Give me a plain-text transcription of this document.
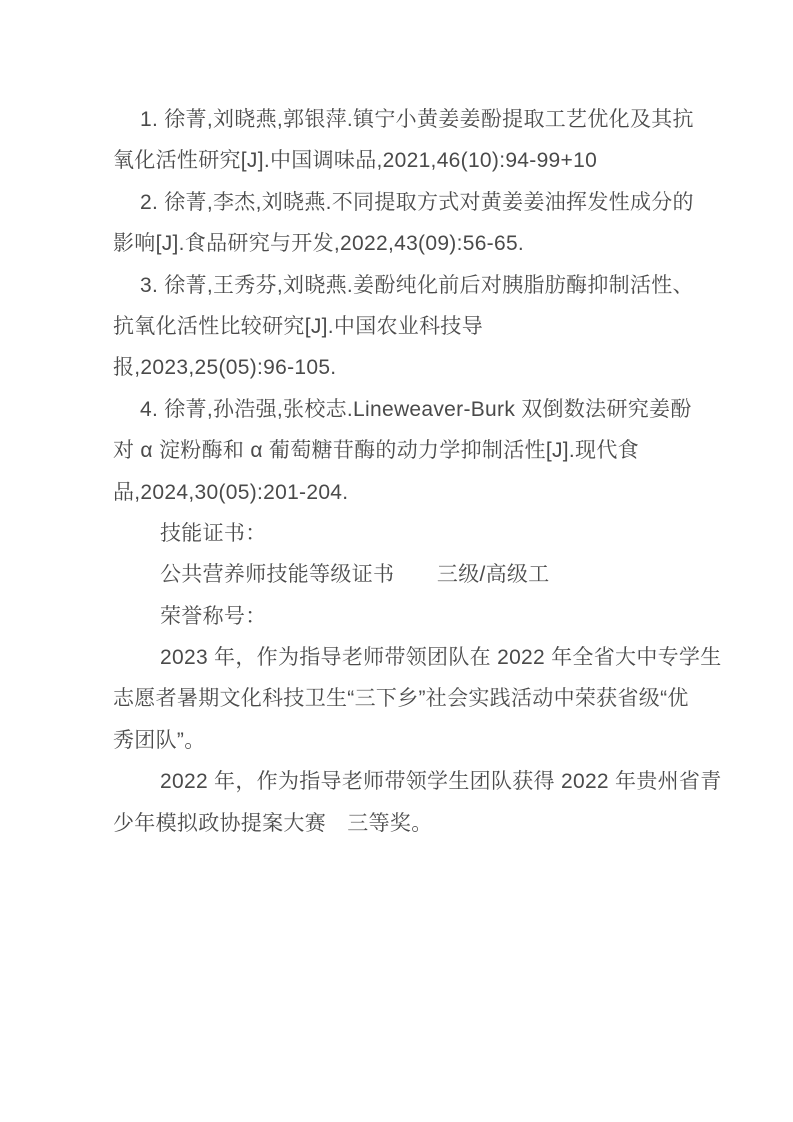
1. 徐菁,刘晓燕,郭银萍.镇宁小黄姜姜酚提取工艺优化及其抗

氧化活性研究[J].中国调味品,2021,46(10):94-99+10

2. 徐菁,李杰,刘晓燕.不同提取方式对黄姜姜油挥发性成分的

影响[J].食品研究与开发,2022,43(09):56-65.

3. 徐菁,王秀芬,刘晓燕.姜酚纯化前后对胰脂肪酶抑制活性、

抗氧化活性比较研究[J].中国农业科技导

报,2023,25(05):96-105.

4. 徐菁,孙浩强,张校志.Lineweaver-Burk 双倒数法研究姜酚

对 α 淀粉酶和 α 葡萄糖苷酶的动力学抑制活性[J].现代食

品,2024,30(05):201-204.

技能证书：

公共营养师技能等级证书　　三级/高级工

荣誉称号：

2023 年，作为指导老师带领团队在 2022 年全省大中专学生

志愿者暑期文化科技卫生“三下乡”社会实践活动中荣获省级“优

秀团队”。

2022 年，作为指导老师带领学生团队获得 2022 年贵州省青

少年模拟政协提案大赛　三等奖。
